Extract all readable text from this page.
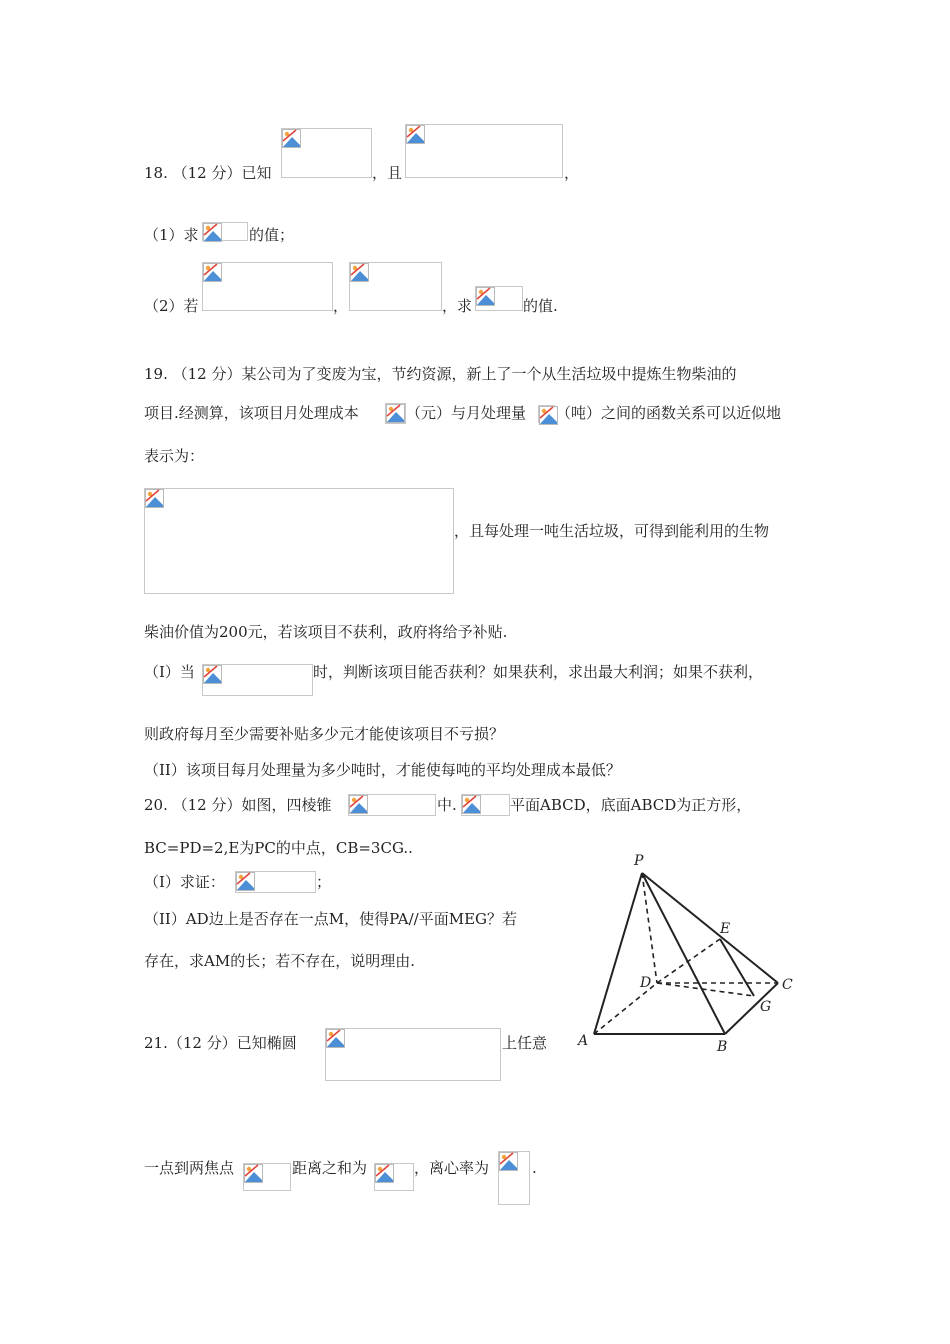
18. （12 分）已知	，且	，
（1）求	的值；
（2）若	，	，求	的值.
19. （12 分）某公司为了变废为宝，节约资源，新上了一个从生活垃圾中提炼生物柴油的
项目.经测算，该项目月处理成本	（元）与月处理量 （吨）之间的函数关系可以近似地
表示为：
，且每处理一吨生活垃圾，可得到能利用的生物
柴油价值为200元，若该项目不获利，政府将给予补贴.
（I）当	时，判断该项目能否获利？如果获利，求出最大利润；如果不获利，
则政府每月至少需要补贴多少元才能使该项目不亏损？
（II）该项目每月处理量为多少吨时，才能使每吨的平均处理成本最低？
20. （12 分）如图，四棱锥	中.	平面ABCD，底面ABCD为正方形，
BC=PD=2,E为PC的中点，CB=3CG..
（I）求证：	；
（II）AD边上是否存在一点M，使得PA//平面MEG？若
存在，求AM的长；若不存在，说明理由.
P
E
D	C
G
A	B
21.（12 分）已知椭圆	上任意
一点到两焦点	距离之和为	，离心率为	.
